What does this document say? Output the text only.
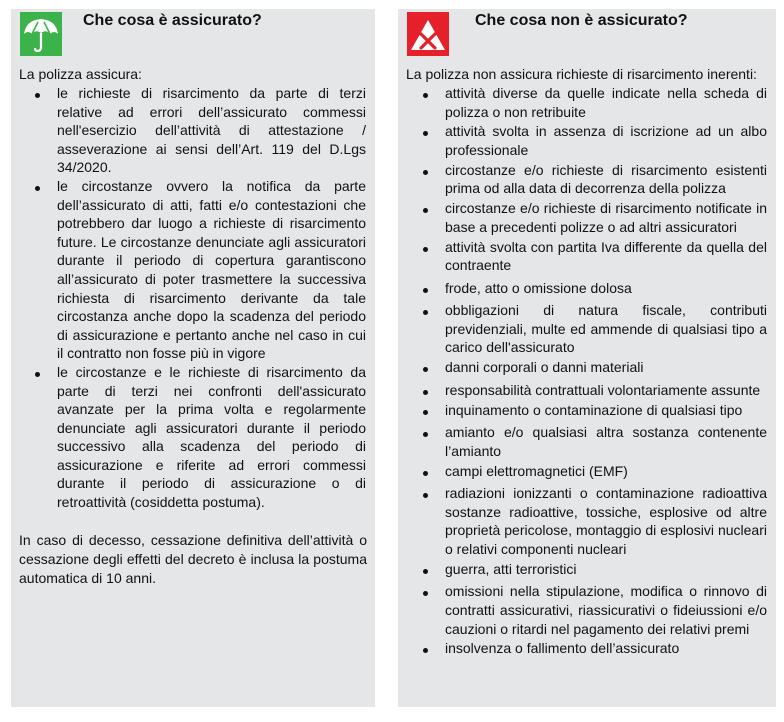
Che cosa è assicurato?
La polizza assicura:
le richieste di risarcimento da parte di terzi relative ad errori dell’assicurato commessi nell'esercizio dell’attività di attestazione / asseverazione ai sensi dell’Art. 119 del D.Lgs 34/2020.
le circostanze ovvero la notifica da parte dell’assicurato di atti, fatti e/o contestazioni che potrebbero dar luogo a richieste di risarcimento future. Le circostanze denunciate agli assicuratori durante il periodo di copertura garantiscono all’assicurato di poter trasmettere la successiva richiesta di risarcimento derivante da tale circostanza anche dopo la scadenza del periodo di assicurazione e pertanto anche nel caso in cui il contratto non fosse più in vigore
le circostanze e le richieste di risarcimento da parte di terzi nei confronti dell'assicurato avanzate per la prima volta e regolarmente denunciate agli assicuratori durante il periodo successivo alla scadenza del periodo di assicurazione e riferite ad errori commessi durante il periodo di assicurazione o di retroattività (cosiddetta postuma).
In caso di decesso, cessazione definitiva dell’attività o cessazione degli effetti del decreto è inclusa la postuma automatica di 10 anni.
Che cosa non è assicurato?
La polizza non assicura richieste di risarcimento inerenti:
attività diverse da quelle indicate nella scheda di polizza o non retribuite
attività svolta in assenza di iscrizione ad un albo professionale
circostanze e/o richieste di risarcimento esistenti prima od alla data di decorrenza della polizza
circostanze e/o richieste di risarcimento notificate in base a precedenti polizze o ad altri assicuratori
attività svolta con partita Iva differente da quella del contraente
frode, atto o omissione dolosa
obbligazioni di natura fiscale, contributi previdenziali, multe ed ammende di qualsiasi tipo a carico dell'assicurato
danni corporali o danni materiali
responsabilità contrattuali volontariamente assunte
inquinamento o contaminazione di qualsiasi tipo
amianto e/o qualsiasi altra sostanza contenente l’amianto
campi elettromagnetici (EMF)
radiazioni ionizzanti o contaminazione radioattiva sostanze radioattive, tossiche, esplosive od altre proprietà pericolose, montaggio di esplosivi nucleari o relativi componenti nucleari
guerra, atti terroristici
omissioni nella stipulazione, modifica o rinnovo di contratti assicurativi, riassicurativi o fideiussioni e/o cauzioni o ritardi nel pagamento dei relativi premi
insolvenza o fallimento dell’assicurato
